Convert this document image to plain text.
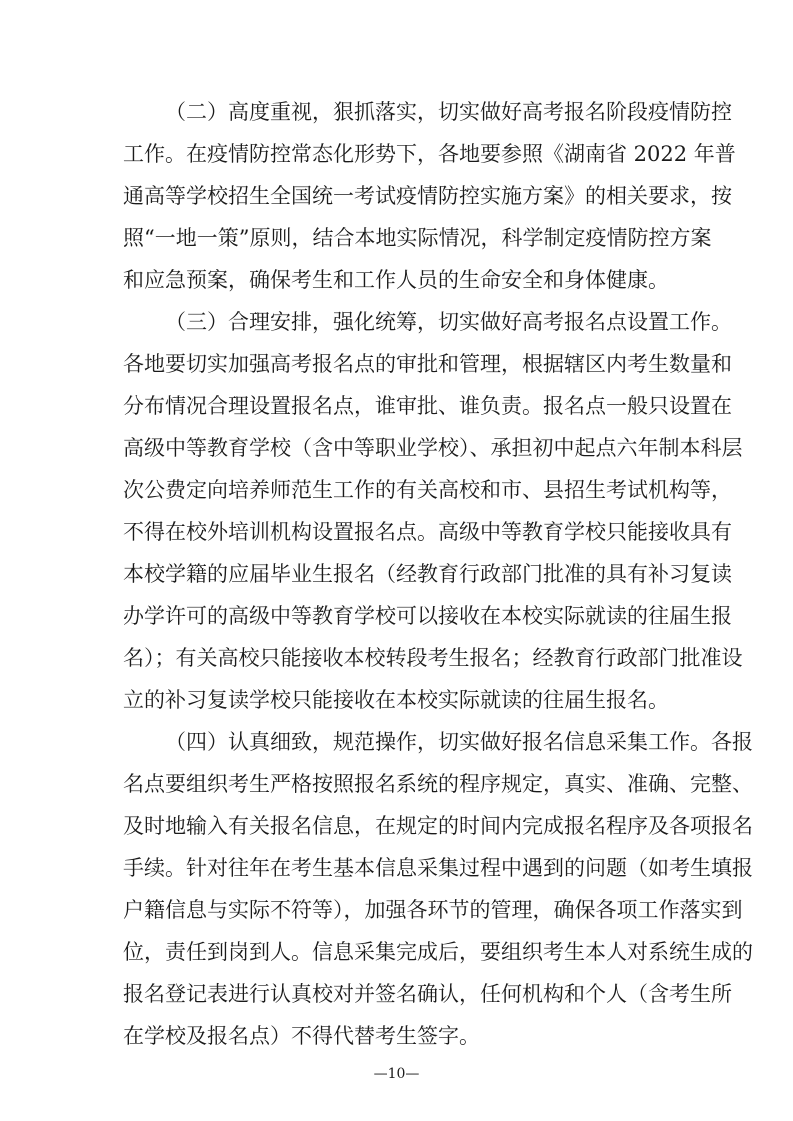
（二）高度重视，狠抓落实，切实做好高考报名阶段疫情防控
工作。在疫情防控常态化形势下，各地要参照《湖南省 2022 年普
通高等学校招生全国统一考试疫情防控实施方案》的相关要求，按
照“一地一策”原则，结合本地实际情况，科学制定疫情防控方案
和应急预案，确保考生和工作人员的生命安全和身体健康。
（三）合理安排，强化统筹，切实做好高考报名点设置工作。
各地要切实加强高考报名点的审批和管理，根据辖区内考生数量和
分布情况合理设置报名点，谁审批、谁负责。报名点一般只设置在
高级中等教育学校（含中等职业学校）、承担初中起点六年制本科层
次公费定向培养师范生工作的有关高校和市、县招生考试机构等，
不得在校外培训机构设置报名点。高级中等教育学校只能接收具有
本校学籍的应届毕业生报名（经教育行政部门批准的具有补习复读
办学许可的高级中等教育学校可以接收在本校实际就读的往届生报
名）；有关高校只能接收本校转段考生报名；经教育行政部门批准设
立的补习复读学校只能接收在本校实际就读的往届生报名。
（四）认真细致，规范操作，切实做好报名信息采集工作。各报
名点要组织考生严格按照报名系统的程序规定，真实、准确、完整、
及时地输入有关报名信息，在规定的时间内完成报名程序及各项报名
手续。针对往年在考生基本信息采集过程中遇到的问题（如考生填报
户籍信息与实际不符等），加强各环节的管理，确保各项工作落实到
位，责任到岗到人。信息采集完成后，要组织考生本人对系统生成的
报名登记表进行认真校对并签名确认，任何机构和个人（含考生所
在学校及报名点）不得代替考生签字。
—10—
